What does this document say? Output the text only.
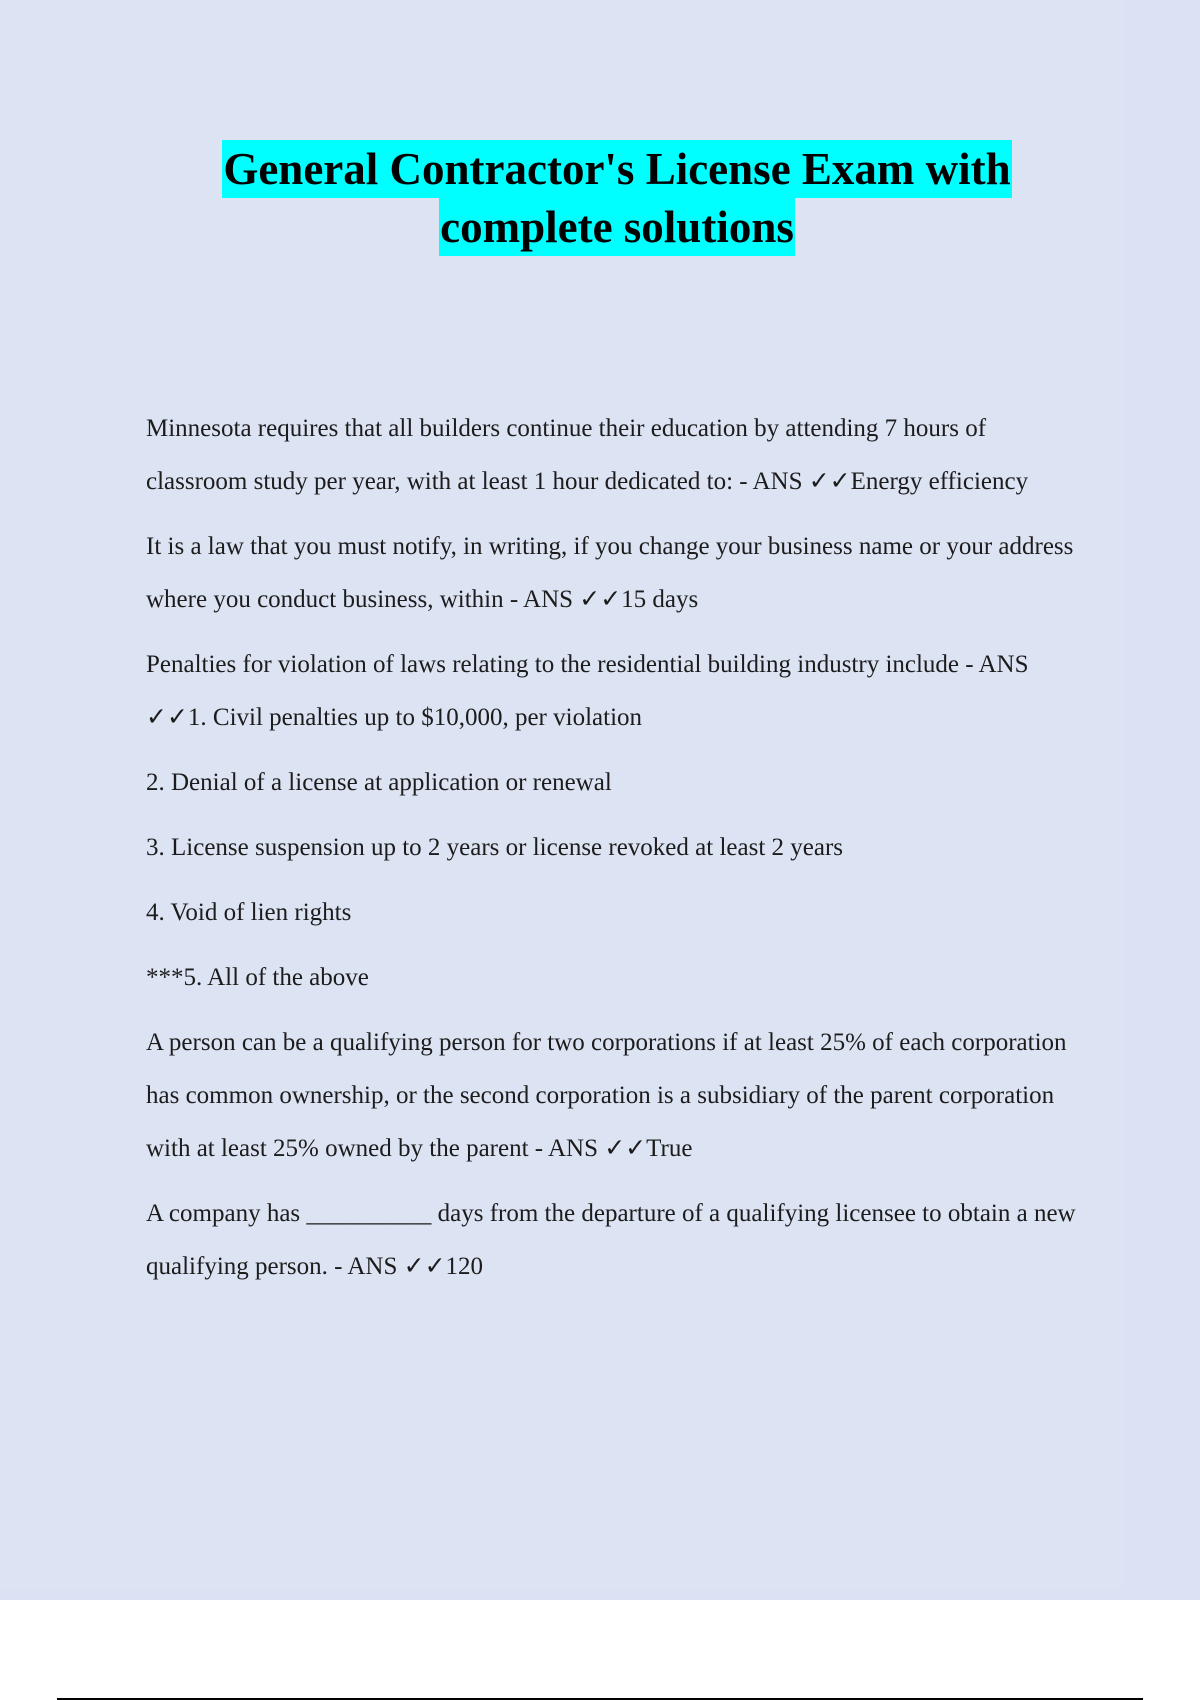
General Contractor's License Exam with
complete solutions

Minnesota requires that all builders continue their education by attending 7 hours of classroom study per year, with at least 1 hour dedicated to: - ANS ✓✓Energy efficiency

It is a law that you must notify, in writing, if you change your business name or your address where you conduct business, within - ANS ✓✓15 days

Penalties for violation of laws relating to the residential building industry include - ANS ✓✓1. Civil penalties up to $10,000, per violation

2. Denial of a license at application or renewal

3. License suspension up to 2 years or license revoked at least 2 years

4. Void of lien rights

***5. All of the above

A person can be a qualifying person for two corporations if at least 25% of each corporation has common ownership, or the second corporation is a subsidiary of the parent corporation with at least 25% owned by the parent - ANS ✓✓True

A company has __________ days from the departure of a qualifying licensee to obtain a new qualifying person. - ANS ✓✓120
